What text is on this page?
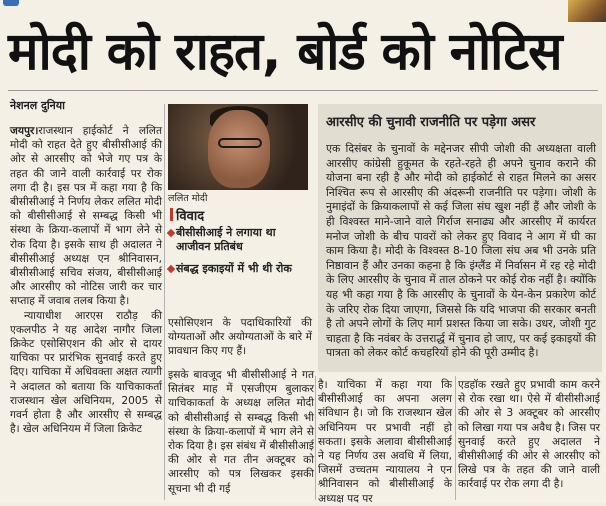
मोदी को राहत, बोर्ड को नोटिस
नेशनल दुनिया

जयपुर।राजस्थान हाईकोर्ट ने ललित मोदी को राहत देते हुए बीसीसीआई की ओर से आरसीए को भेजे गए पत्र के तहत की जाने वाली कार्रवाई पर रोक लगा दी है। इस पत्र में कहा गया है कि बीसीसीआई ने निर्णय लेकर ललित मोदी को बीसीसीआई से सम्बद्ध किसी भी संस्था के क्रिया-कलापों में भाग लेने से रोक दिया है। इसके साथ ही अदालत ने बीसीसीआई अध्यक्ष एन श्रीनिवासन, बीसीसीआई सचिव संजय, बीसीसीआई और आरसीए को नोटिस जारी कर चार सप्ताह में जवाब तलब किया है।

न्यायाधीश आरएस राठौड़ की एकलपीठ ने यह आदेश नागौर जिला क्रिकेट एसोसिएशन की ओर से दायर याचिका पर प्रारंभिक सुनवाई करते हुए दिए। याचिका में अधिवक्ता अक्षत त्यागी ने अदालत को बताया कि याचिकाकर्ता राजस्थान खेल अधिनियम, 2005 से गवर्न होता है और आरसीए से सम्बद्ध है। खेल अधिनियम में जिला क्रिकेट

ललित मोदी
विवाद
बीसीसीआई ने लगाया था आजीवन प्रतिबंध
संबद्ध इकाइयों में भी थी रोक
एसोसिएशन के पदाधिकारियों की योग्यताओं और अयोग्यताओं के बारे में प्रावधान किए गए हैं।
आरसीए की चुनावी राजनीति पर पड़ेगा असर
एक दिसंबर के चुनावों के मद्देनजर सीपी जोशी की अध्यक्षता वाली आरसीए कांग्रेसी हुकूमत के रहते-रहते ही अपने चुनाव कराने की योजना बना रही है और मोदी को हाईकोर्ट से राहत मिलने का असर निश्चित रूप से आरसीए की अंदरूनी राजनीति पर पड़ेगा। जोशी के नुमाइंदों के क्रियाकलापों से कई जिला संघ खुश नहीं हैं और जोशी के ही विश्वस्त माने-जाने वाले गिर्राज सनाढ्य और आरसीए में कार्यरत मनोज जोशी के बीच पावरों को लेकर हुए विवाद ने आग में घी का काम किया है। मोदी के विश्वस्त 8-10 जिला संघ अब भी उनके प्रति निष्ठावान हैं और उनका कहना है कि इंग्लैंड में निर्वासन में रह रहे मोदी के लिए आरसीए के चुनाव में ताल ठोकने पर कोई रोक नहीं है। क्योंकि यह भी कहा गया है कि आरसीए के चुनावों के येन-केन प्रकारेण कोर्ट के जरिए रोक दिया जाएगा, जिससे कि यदि भाजपा की सरकार बनती है तो अपने लोगों के लिए मार्ग प्रशस्त किया जा सके। उधर, जोशी गुट चाहता है कि नवंबर के उत्तरार्द्ध में चुनाव हो जाए, पर कई इकाइयों की पात्रता को लेकर कोर्ट कचहरियों होने की पूरी उम्मीद है।
इसके बावजूद भी बीसीसीआई ने गत सितंबर माह में एसजीएम बुलाकर याचिकाकर्ता के अध्यक्ष ललित मोदी को बीसीसीआई से सम्बद्ध किसी भी संस्था के क्रिया-कलापों में भाग लेने से रोक दिया है। इस संबंध में बीसीसीआई की ओर से गत तीन अक्टूबर को आरसीए को पत्र लिखकर इसकी सूचना भी दी गई
है। याचिका में कहा गया कि बीसीसीआई का अपना अलग संविधान है। जो कि राजस्थान खेल अधिनियम पर प्रभावी नहीं हो सकता। इसके अलावा बीसीसीआई ने यह निर्णय उस अवधि में लिया, जिसमें उच्चतम न्यायालय ने एन श्रीनिवासन को बीसीसीआई के अध्यक्ष पद पर
एडहॉक रखते हुए प्रभावी काम करने से रोक रखा था। ऐसे में बीसीसीआई की ओर से 3 अक्टूबर को आरसीए को लिखा गया पत्र अवैध है। जिस पर सुनवाई करते हुए अदालत ने बीसीसीआई की ओर से आरसीए को लिखे पत्र के तहत की जाने वाली कार्रवाई पर रोक लगा दी है।
